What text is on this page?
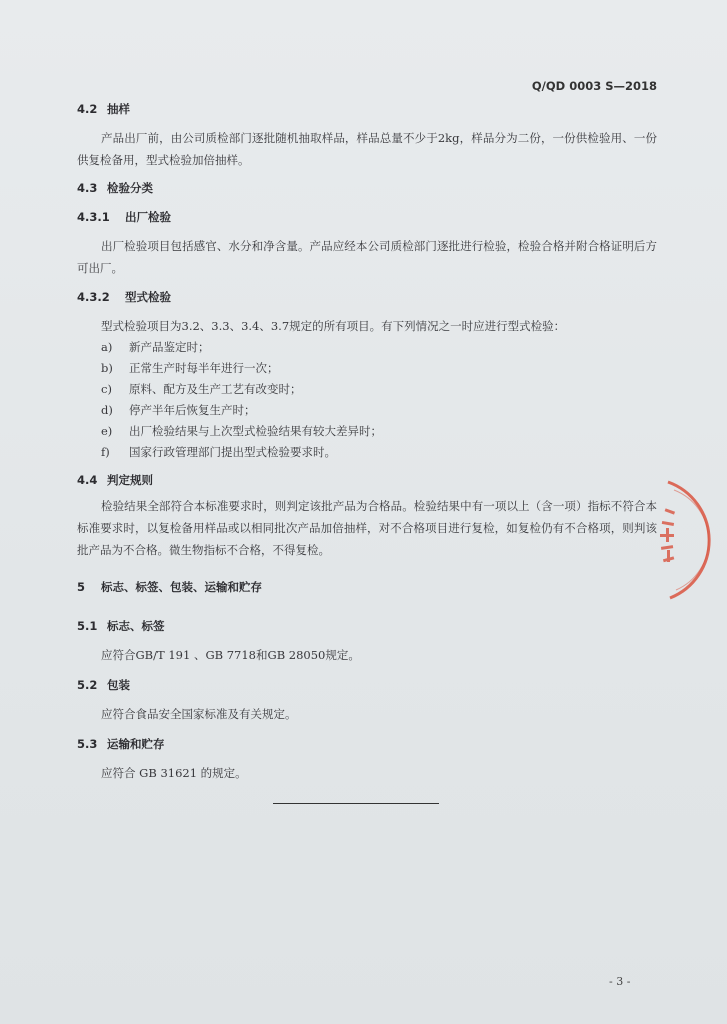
Q/QD 0003 S—2018
4.2 抽样
产品出厂前，由公司质检部门逐批随机抽取样品，样品总量不少于2kg，样品分为二份，一份供检验用、一份供复检备用，型式检验加倍抽样。
4.3 检验分类
4.3.1 出厂检验
出厂检验项目包括感官、水分和净含量。产品应经本公司质检部门逐批进行检验，检验合格并附合格证明后方可出厂。
4.3.2 型式检验
型式检验项目为3.2、3.3、3.4、3.7规定的所有项目。有下列情况之一时应进行型式检验：
a) 新产品鉴定时；
b) 正常生产时每半年进行一次；
c) 原料、配方及生产工艺有改变时；
d) 停产半年后恢复生产时；
e) 出厂检验结果与上次型式检验结果有较大差异时；
f) 国家行政管理部门提出型式检验要求时。
4.4 判定规则
检验结果全部符合本标准要求时，则判定该批产品为合格品。检验结果中有一项以上（含一项）指标不符合本标准要求时，以复检备用样品或以相同批次产品加倍抽样，对不合格项目进行复检，如复检仍有不合格项，则判该批产品为不合格。微生物指标不合格，不得复检。
5 标志、标签、包装、运输和贮存
5.1 标志、标签
应符合GB/T 191 、GB 7718和GB 28050规定。
5.2 包装
应符合食品安全国家标准及有关规定。
5.3 运输和贮存
应符合 GB 31621 的规定。
- 3 -
